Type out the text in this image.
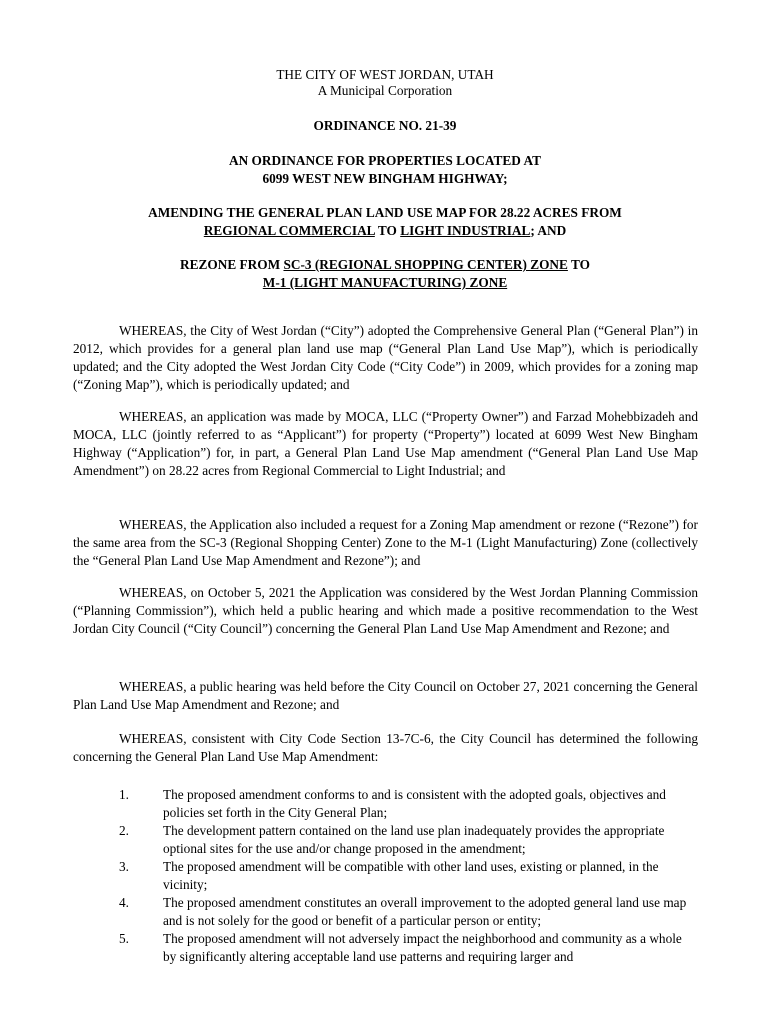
THE CITY OF WEST JORDAN, UTAH
A Municipal Corporation
ORDINANCE NO. 21-39
AN ORDINANCE FOR PROPERTIES LOCATED AT
6099 WEST NEW BINGHAM HIGHWAY;
AMENDING THE GENERAL PLAN LAND USE MAP FOR 28.22 ACRES FROM
REGIONAL COMMERCIAL TO LIGHT INDUSTRIAL; AND
REZONE FROM SC-3 (REGIONAL SHOPPING CENTER) ZONE TO
M-1 (LIGHT MANUFACTURING) ZONE
WHEREAS, the City of West Jordan (“City”) adopted the Comprehensive General Plan (“General Plan”) in 2012, which provides for a general plan land use map (“General Plan Land Use Map”), which is periodically updated; and the City adopted the West Jordan City Code (“City Code”) in 2009, which provides for a zoning map (“Zoning Map”), which is periodically updated; and
WHEREAS, an application was made by MOCA, LLC (“Property Owner”) and Farzad Mohebbizadeh and MOCA, LLC (jointly referred to as “Applicant”) for property (“Property”) located at 6099 West New Bingham Highway (“Application”) for, in part, a General Plan Land Use Map amendment (“General Plan Land Use Map Amendment”) on 28.22 acres from Regional Commercial to Light Industrial; and
WHEREAS, the Application also included a request for a Zoning Map amendment or rezone (“Rezone”) for the same area from the SC-3 (Regional Shopping Center) Zone to the M-1 (Light Manufacturing) Zone (collectively the “General Plan Land Use Map Amendment and Rezone”); and
WHEREAS, on October 5, 2021 the Application was considered by the West Jordan Planning Commission (“Planning Commission”), which held a public hearing and which made a positive recommendation to the West Jordan City Council (“City Council”) concerning the General Plan Land Use Map Amendment and Rezone; and
WHEREAS, a public hearing was held before the City Council on October 27, 2021 concerning the General Plan Land Use Map Amendment and Rezone; and
WHEREAS, consistent with City Code Section 13-7C-6, the City Council has determined the following concerning the General Plan Land Use Map Amendment:
1.	The proposed amendment conforms to and is consistent with the adopted goals, objectives and policies set forth in the City General Plan;
2.	The development pattern contained on the land use plan inadequately provides the appropriate optional sites for the use and/or change proposed in the amendment;
3.	The proposed amendment will be compatible with other land uses, existing or planned, in the vicinity;
4.	The proposed amendment constitutes an overall improvement to the adopted general land use map and is not solely for the good or benefit of a particular person or entity;
5.	The proposed amendment will not adversely impact the neighborhood and community as a whole by significantly altering acceptable land use patterns and requiring larger and
